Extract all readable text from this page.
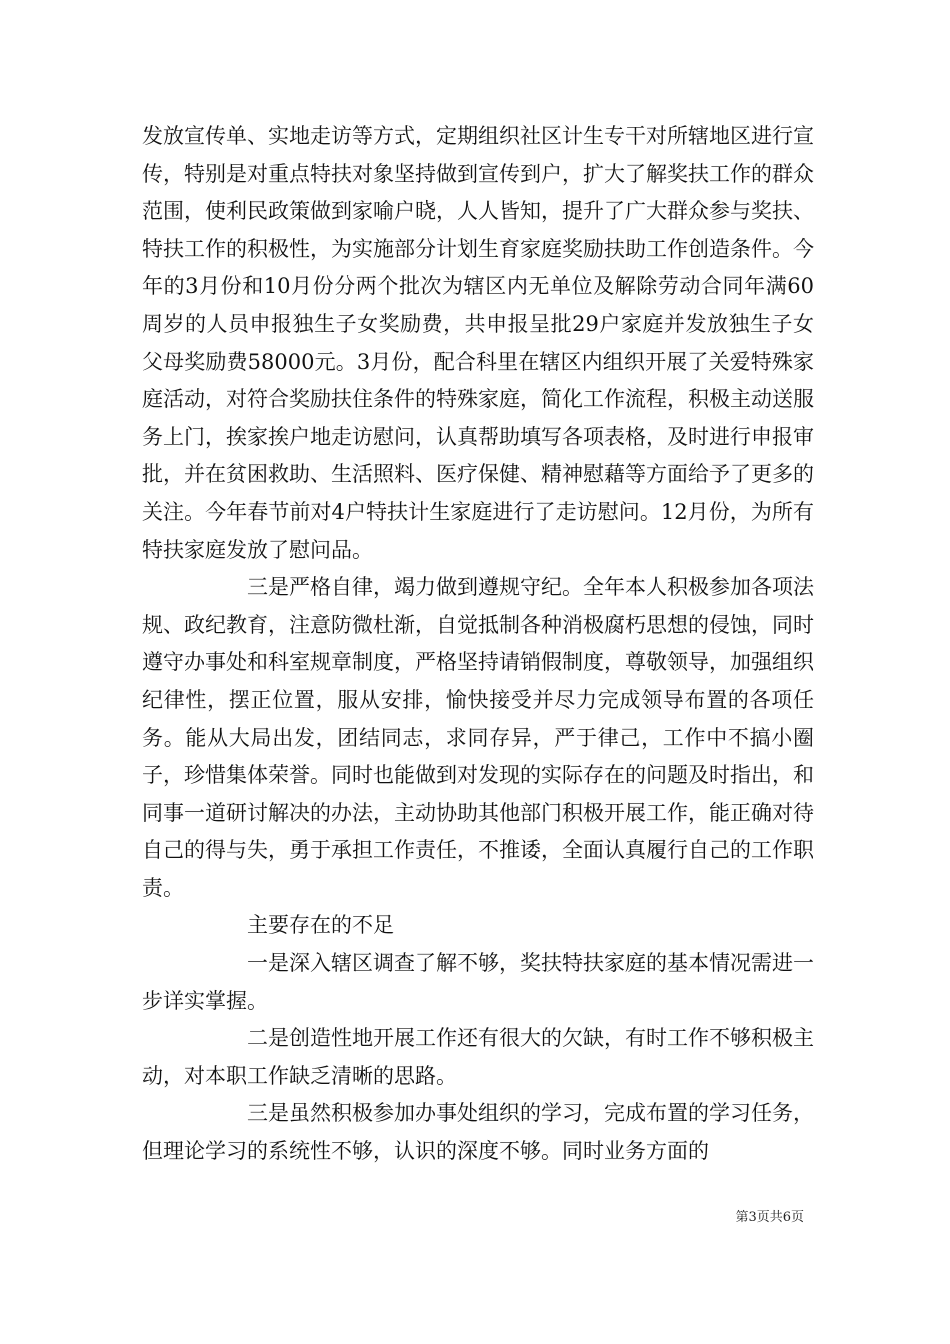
发放宣传单、实地走访等方式，定期组织社区计生专干对所辖地区进行宣传，特别是对重点特扶对象坚持做到宣传到户，扩大了解奖扶工作的群众范围，使利民政策做到家喻户晓，人人皆知，提升了广大群众参与奖扶、特扶工作的积极性，为实施部分计划生育家庭奖励扶助工作创造条件。今年的3月份和10月份分两个批次为辖区内无单位及解除劳动合同年满60周岁的人员申报独生子女奖励费，共申报呈批29户家庭并发放独生子女父母奖励费58000元。3月份，配合科里在辖区内组织开展了关爱特殊家庭活动，对符合奖励扶住条件的特殊家庭，简化工作流程，积极主动送服务上门，挨家挨户地走访慰问，认真帮助填写各项表格，及时进行申报审批，并在贫困救助、生活照料、医疗保健、精神慰藉等方面给予了更多的关注。今年春节前对4户特扶计生家庭进行了走访慰问。12月份，为所有特扶家庭发放了慰问品。

三是严格自律，竭力做到遵规守纪。全年本人积极参加各项法规、政纪教育，注意防微杜渐，自觉抵制各种消极腐朽思想的侵蚀，同时遵守办事处和科室规章制度，严格坚持请销假制度，尊敬领导，加强组织纪律性，摆正位置，服从安排，愉快接受并尽力完成领导布置的各项任务。能从大局出发，团结同志，求同存异，严于律己，工作中不搞小圈子，珍惜集体荣誉。同时也能做到对发现的实际存在的问题及时指出，和同事一道研讨解决的办法，主动协助其他部门积极开展工作，能正确对待自己的得与失，勇于承担工作责任，不推诿，全面认真履行自己的工作职责。

主要存在的不足

一是深入辖区调查了解不够，奖扶特扶家庭的基本情况需进一步详实掌握。

二是创造性地开展工作还有很大的欠缺，有时工作不够积极主动，对本职工作缺乏清晰的思路。

三是虽然积极参加办事处组织的学习，完成布置的学习任务，但理论学习的系统性不够，认识的深度不够。同时业务方面的

第3页共6页
